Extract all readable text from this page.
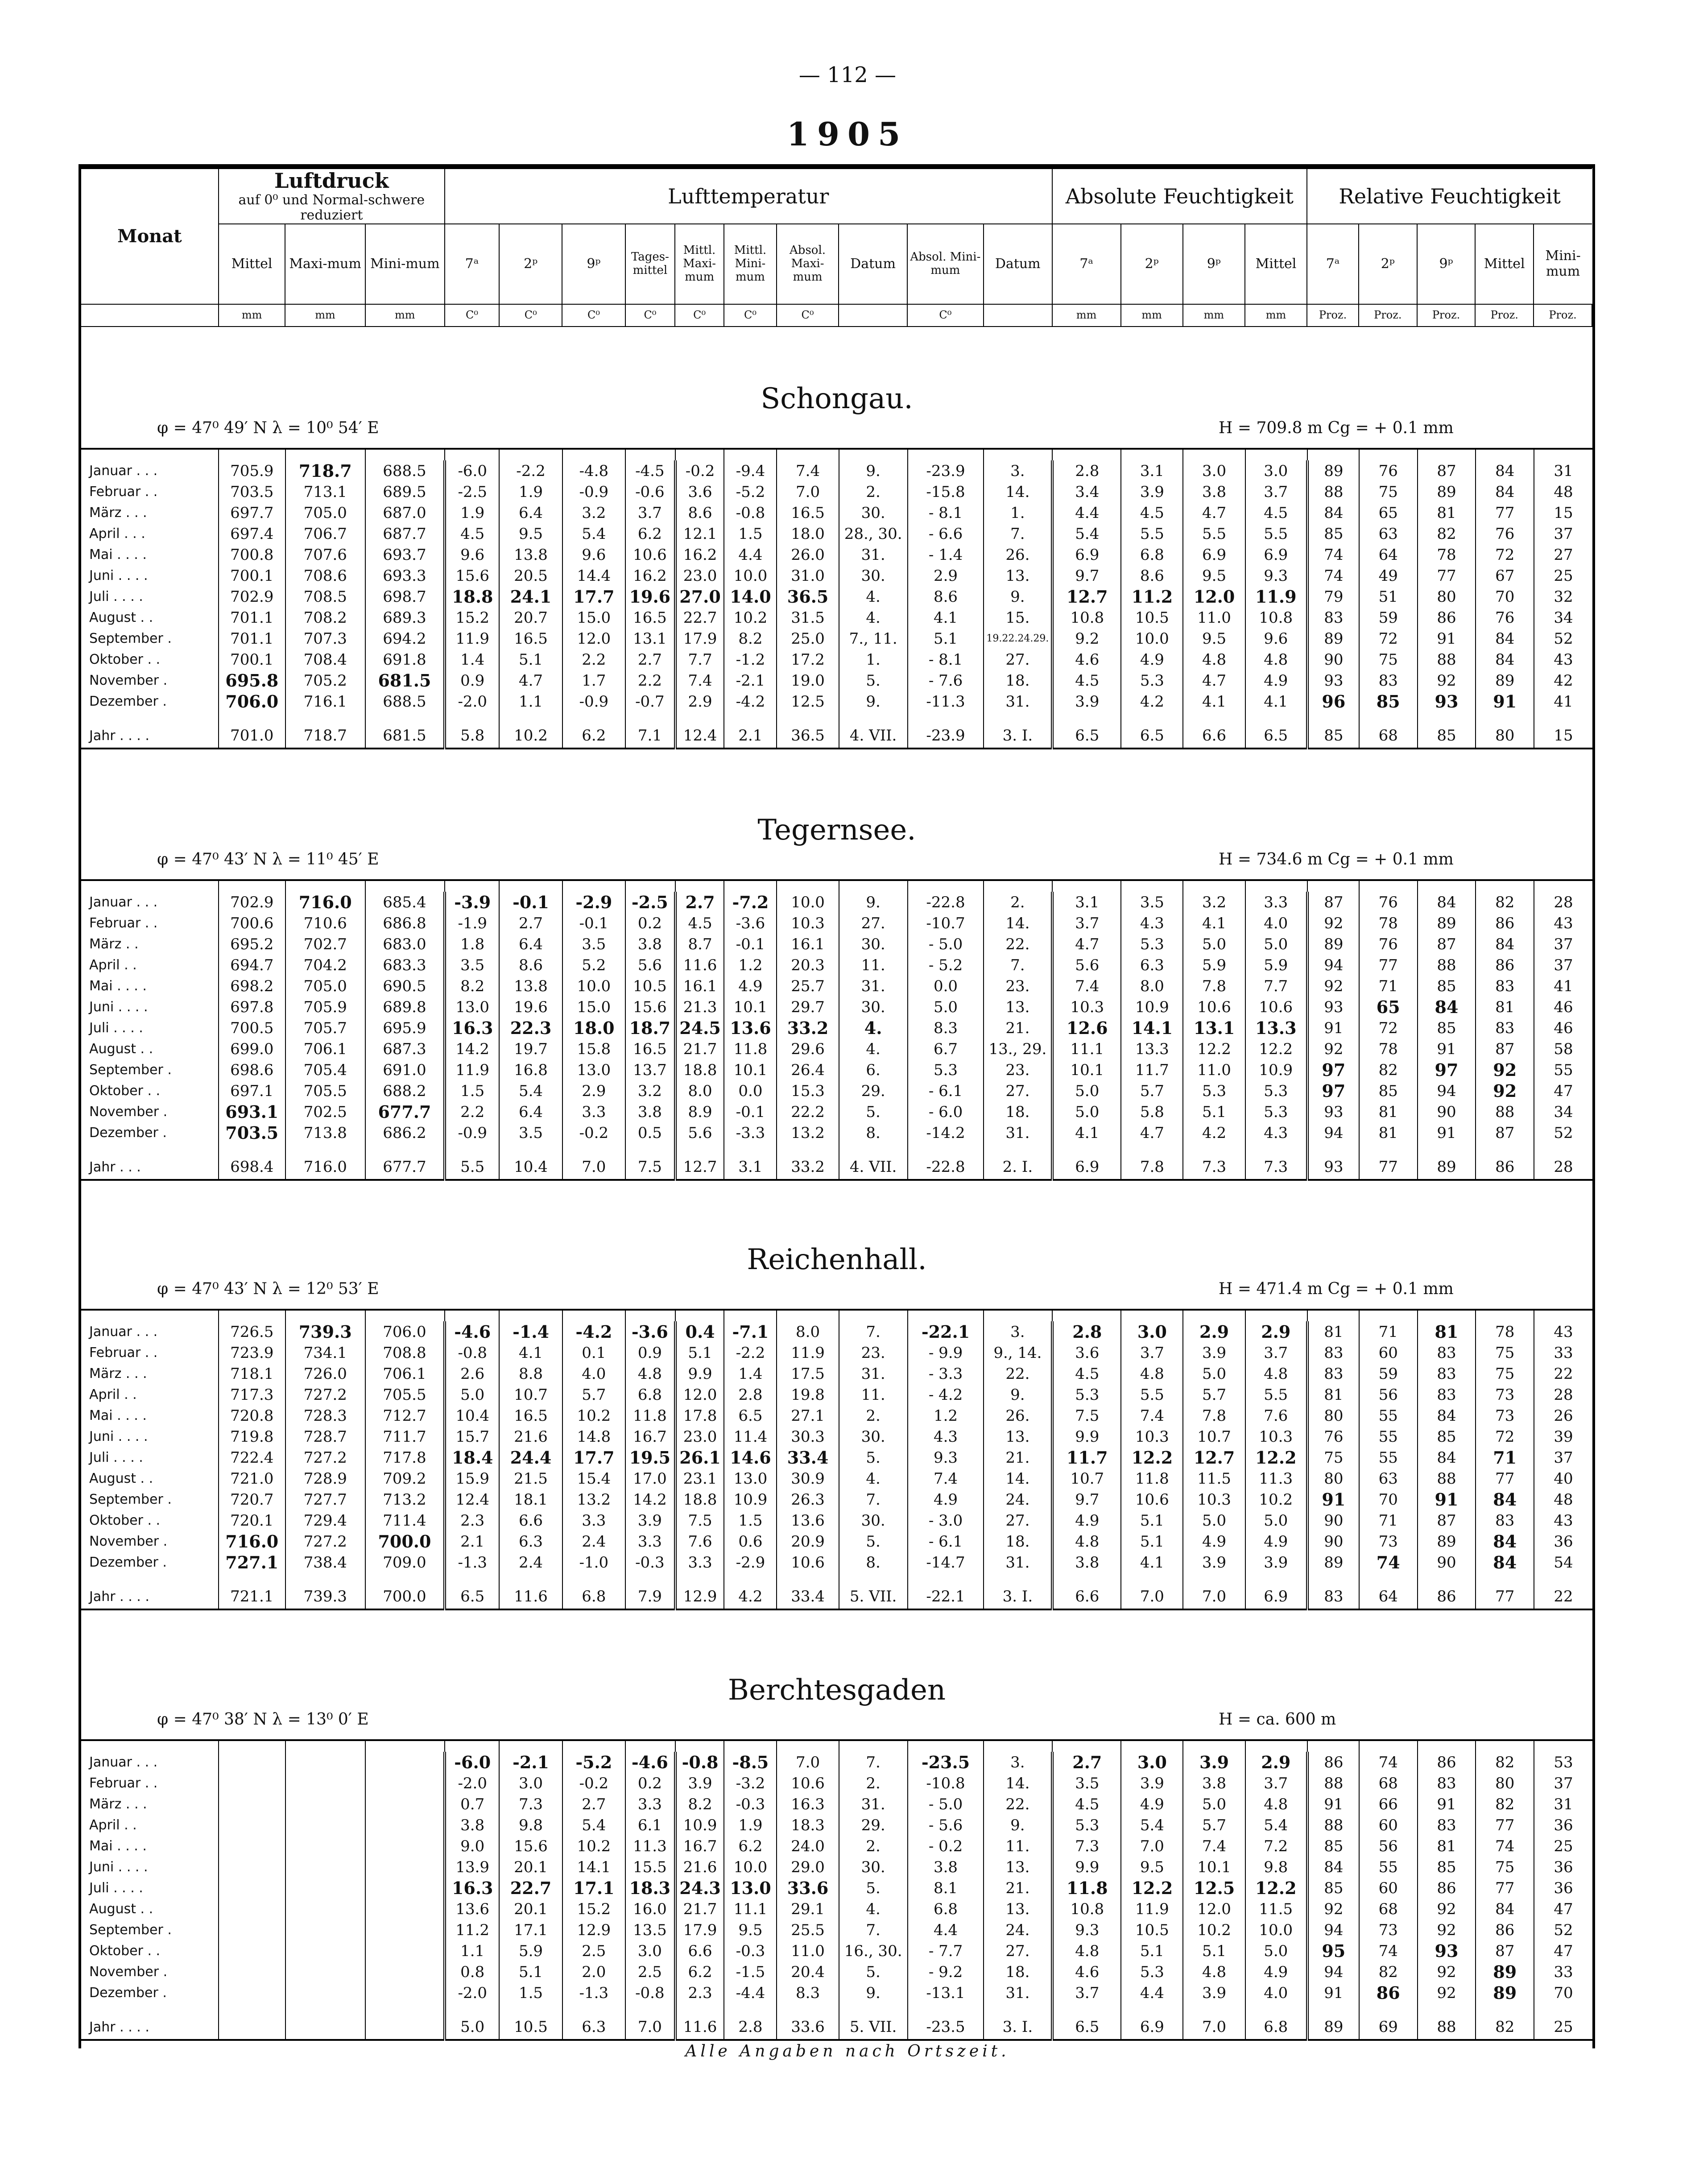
— 112 —
1905
Monat	Luftdruck
auf 0⁰ und Normal-schwere reduziert			Lufttemperatur										Absolute Feuchtigkeit				Relative Feuchtigkeit				
	Mittel	Maxi-mum	Mini-mum	7ᵃ	2ᵖ	9ᵖ	Tages-mittel	Mittl. Maxi-mum	Mittl. Mini-mum	Absol. Maxi-mum	Datum	Absol. Mini-mum	Datum	7ᵃ	2ᵖ	9ᵖ	Mittel	7ᵃ	2ᵖ	9ᵖ	Mittel	Mini-mum
	mm	mm	mm	C⁰	C⁰	C⁰	C⁰	C⁰	C⁰	C⁰		C⁰		mm	mm	mm	mm	Proz.	Proz.	Proz.	Proz.	Proz.
Schongau.
φ = 47⁰ 49′ N λ = 10⁰ 54′ E	H = 709.8 m Cg = + 0.1 mm

Januar . . .	705.9	718.7	688.5	-6.0	-2.2	-4.8	-4.5	-0.2	-9.4	7.4	9.	-23.9	3.	2.8	3.1	3.0	3.0	89	76	87	84	31
Februar . .	703.5	713.1	689.5	-2.5	1.9	-0.9	-0.6	3.6	-5.2	7.0	2.	-15.8	14.	3.4	3.9	3.8	3.7	88	75	89	84	48
März . . .	697.7	705.0	687.0	1.9	6.4	3.2	3.7	8.6	-0.8	16.5	30.	- 8.1	1.	4.4	4.5	4.7	4.5	84	65	81	77	15
April . . .	697.4	706.7	687.7	4.5	9.5	5.4	6.2	12.1	1.5	18.0	28., 30.	- 6.6	7.	5.4	5.5	5.5	5.5	85	63	82	76	37
Mai . . . .	700.8	707.6	693.7	9.6	13.8	9.6	10.6	16.2	4.4	26.0	31.	- 1.4	26.	6.9	6.8	6.9	6.9	74	64	78	72	27
Juni . . . .	700.1	708.6	693.3	15.6	20.5	14.4	16.2	23.0	10.0	31.0	30.	2.9	13.	9.7	8.6	9.5	9.3	74	49	77	67	25
Juli . . . .	702.9	708.5	698.7	18.8	24.1	17.7	19.6	27.0	14.0	36.5	4.	8.6	9.	12.7	11.2	12.0	11.9	79	51	80	70	32
August . .	701.1	708.2	689.3	15.2	20.7	15.0	16.5	22.7	10.2	31.5	4.	4.1	15.	10.8	10.5	11.0	10.8	83	59	86	76	34
September .	701.1	707.3	694.2	11.9	16.5	12.0	13.1	17.9	8.2	25.0	7., 11.	5.1	19.22.24.29.	9.2	10.0	9.5	9.6	89	72	91	84	52
Oktober . .	700.1	708.4	691.8	1.4	5.1	2.2	2.7	7.7	-1.2	17.2	1.	- 8.1	27.	4.6	4.9	4.8	4.8	90	75	88	84	43
November .	695.8	705.2	681.5	0.9	4.7	1.7	2.2	7.4	-2.1	19.0	5.	- 7.6	18.	4.5	5.3	4.7	4.9	93	83	92	89	42
Dezember .	706.0	716.1	688.5	-2.0	1.1	-0.9	-0.7	2.9	-4.2	12.5	9.	-11.3	31.	3.9	4.2	4.1	4.1	96	85	93	91	41

Jahr . . . .	701.0	718.7	681.5	5.8	10.2	6.2	7.1	12.4	2.1	36.5	4. VII.	-23.9	3. I.	6.5	6.5	6.6	6.5	85	68	85	80	15
Tegernsee.
φ = 47⁰ 43′ N λ = 11⁰ 45′ E	H = 734.6 m Cg = + 0.1 mm

Januar . . .	702.9	716.0	685.4	-3.9	-0.1	-2.9	-2.5	2.7	-7.2	10.0	9.	-22.8	2.	3.1	3.5	3.2	3.3	87	76	84	82	28
Februar . .	700.6	710.6	686.8	-1.9	2.7	-0.1	0.2	4.5	-3.6	10.3	27.	-10.7	14.	3.7	4.3	4.1	4.0	92	78	89	86	43
März . .	695.2	702.7	683.0	1.8	6.4	3.5	3.8	8.7	-0.1	16.1	30.	- 5.0	22.	4.7	5.3	5.0	5.0	89	76	87	84	37
April . .	694.7	704.2	683.3	3.5	8.6	5.2	5.6	11.6	1.2	20.3	11.	- 5.2	7.	5.6	6.3	5.9	5.9	94	77	88	86	37
Mai . . . .	698.2	705.0	690.5	8.2	13.8	10.0	10.5	16.1	4.9	25.7	31.	0.0	23.	7.4	8.0	7.8	7.7	92	71	85	83	41
Juni . . . .	697.8	705.9	689.8	13.0	19.6	15.0	15.6	21.3	10.1	29.7	30.	5.0	13.	10.3	10.9	10.6	10.6	93	65	84	81	46
Juli . . . .	700.5	705.7	695.9	16.3	22.3	18.0	18.7	24.5	13.6	33.2	4.	8.3	21.	12.6	14.1	13.1	13.3	91	72	85	83	46
August . .	699.0	706.1	687.3	14.2	19.7	15.8	16.5	21.7	11.8	29.6	4.	6.7	13., 29.	11.1	13.3	12.2	12.2	92	78	91	87	58
September .	698.6	705.4	691.0	11.9	16.8	13.0	13.7	18.8	10.1	26.4	6.	5.3	23.	10.1	11.7	11.0	10.9	97	82	97	92	55
Oktober . .	697.1	705.5	688.2	1.5	5.4	2.9	3.2	8.0	0.0	15.3	29.	- 6.1	27.	5.0	5.7	5.3	5.3	97	85	94	92	47
November .	693.1	702.5	677.7	2.2	6.4	3.3	3.8	8.9	-0.1	22.2	5.	- 6.0	18.	5.0	5.8	5.1	5.3	93	81	90	88	34
Dezember .	703.5	713.8	686.2	-0.9	3.5	-0.2	0.5	5.6	-3.3	13.2	8.	-14.2	31.	4.1	4.7	4.2	4.3	94	81	91	87	52

Jahr . . .	698.4	716.0	677.7	5.5	10.4	7.0	7.5	12.7	3.1	33.2	4. VII.	-22.8	2. I.	6.9	7.8	7.3	7.3	93	77	89	86	28
Reichenhall.
φ = 47⁰ 43′ N λ = 12⁰ 53′ E	H = 471.4 m Cg = + 0.1 mm

Januar . . .	726.5	739.3	706.0	-4.6	-1.4	-4.2	-3.6	0.4	-7.1	8.0	7.	-22.1	3.	2.8	3.0	2.9	2.9	81	71	81	78	43
Februar . .	723.9	734.1	708.8	-0.8	4.1	0.1	0.9	5.1	-2.2	11.9	23.	- 9.9	9., 14.	3.6	3.7	3.9	3.7	83	60	83	75	33
März . . .	718.1	726.0	706.1	2.6	8.8	4.0	4.8	9.9	1.4	17.5	31.	- 3.3	22.	4.5	4.8	5.0	4.8	83	59	83	75	22
April . .	717.3	727.2	705.5	5.0	10.7	5.7	6.8	12.0	2.8	19.8	11.	- 4.2	9.	5.3	5.5	5.7	5.5	81	56	83	73	28
Mai . . . .	720.8	728.3	712.7	10.4	16.5	10.2	11.8	17.8	6.5	27.1	2.	1.2	26.	7.5	7.4	7.8	7.6	80	55	84	73	26
Juni . . . .	719.8	728.7	711.7	15.7	21.6	14.8	16.7	23.0	11.4	30.3	30.	4.3	13.	9.9	10.3	10.7	10.3	76	55	85	72	39
Juli . . . .	722.4	727.2	717.8	18.4	24.4	17.7	19.5	26.1	14.6	33.4	5.	9.3	21.	11.7	12.2	12.7	12.2	75	55	84	71	37
August . .	721.0	728.9	709.2	15.9	21.5	15.4	17.0	23.1	13.0	30.9	4.	7.4	14.	10.7	11.8	11.5	11.3	80	63	88	77	40
September .	720.7	727.7	713.2	12.4	18.1	13.2	14.2	18.8	10.9	26.3	7.	4.9	24.	9.7	10.6	10.3	10.2	91	70	91	84	48
Oktober . .	720.1	729.4	711.4	2.3	6.6	3.3	3.9	7.5	1.5	13.6	30.	- 3.0	27.	4.9	5.1	5.0	5.0	90	71	87	83	43
November .	716.0	727.2	700.0	2.1	6.3	2.4	3.3	7.6	0.6	20.9	5.	- 6.1	18.	4.8	5.1	4.9	4.9	90	73	89	84	36
Dezember .	727.1	738.4	709.0	-1.3	2.4	-1.0	-0.3	3.3	-2.9	10.6	8.	-14.7	31.	3.8	4.1	3.9	3.9	89	74	90	84	54

Jahr . . . .	721.1	739.3	700.0	6.5	11.6	6.8	7.9	12.9	4.2	33.4	5. VII.	-22.1	3. I.	6.6	7.0	7.0	6.9	83	64	86	77	22
Berchtesgaden
φ = 47⁰ 38′ N λ = 13⁰ 0′ E	H = ca. 600 m

Januar . . .				-6.0	-2.1	-5.2	-4.6	-0.8	-8.5	7.0	7.	-23.5	3.	2.7	3.0	3.9	2.9	86	74	86	82	53
Februar . .				-2.0	3.0	-0.2	0.2	3.9	-3.2	10.6	2.	-10.8	14.	3.5	3.9	3.8	3.7	88	68	83	80	37
März . . .				0.7	7.3	2.7	3.3	8.2	-0.3	16.3	31.	- 5.0	22.	4.5	4.9	5.0	4.8	91	66	91	82	31
April . .				3.8	9.8	5.4	6.1	10.9	1.9	18.3	29.	- 5.6	9.	5.3	5.4	5.7	5.4	88	60	83	77	36
Mai . . . .				9.0	15.6	10.2	11.3	16.7	6.2	24.0	2.	- 0.2	11.	7.3	7.0	7.4	7.2	85	56	81	74	25
Juni . . . .				13.9	20.1	14.1	15.5	21.6	10.0	29.0	30.	3.8	13.	9.9	9.5	10.1	9.8	84	55	85	75	36
Juli . . . .				16.3	22.7	17.1	18.3	24.3	13.0	33.6	5.	8.1	21.	11.8	12.2	12.5	12.2	85	60	86	77	36
August . .				13.6	20.1	15.2	16.0	21.7	11.1	29.1	4.	6.8	13.	10.8	11.9	12.0	11.5	92	68	92	84	47
September .				11.2	17.1	12.9	13.5	17.9	9.5	25.5	7.	4.4	24.	9.3	10.5	10.2	10.0	94	73	92	86	52
Oktober . .				1.1	5.9	2.5	3.0	6.6	-0.3	11.0	16., 30.	- 7.7	27.	4.8	5.1	5.1	5.0	95	74	93	87	47
November .				0.8	5.1	2.0	2.5	6.2	-1.5	20.4	5.	- 9.2	18.	4.6	5.3	4.8	4.9	94	82	92	89	33
Dezember .				-2.0	1.5	-1.3	-0.8	2.3	-4.4	8.3	9.	-13.1	31.	3.7	4.4	3.9	4.0	91	86	92	89	70

Jahr . . . .				5.0	10.5	6.3	7.0	11.6	2.8	33.6	5. VII.	-23.5	3. I.	6.5	6.9	7.0	6.8	89	69	88	82	25
Alle Angaben nach Ortszeit.
